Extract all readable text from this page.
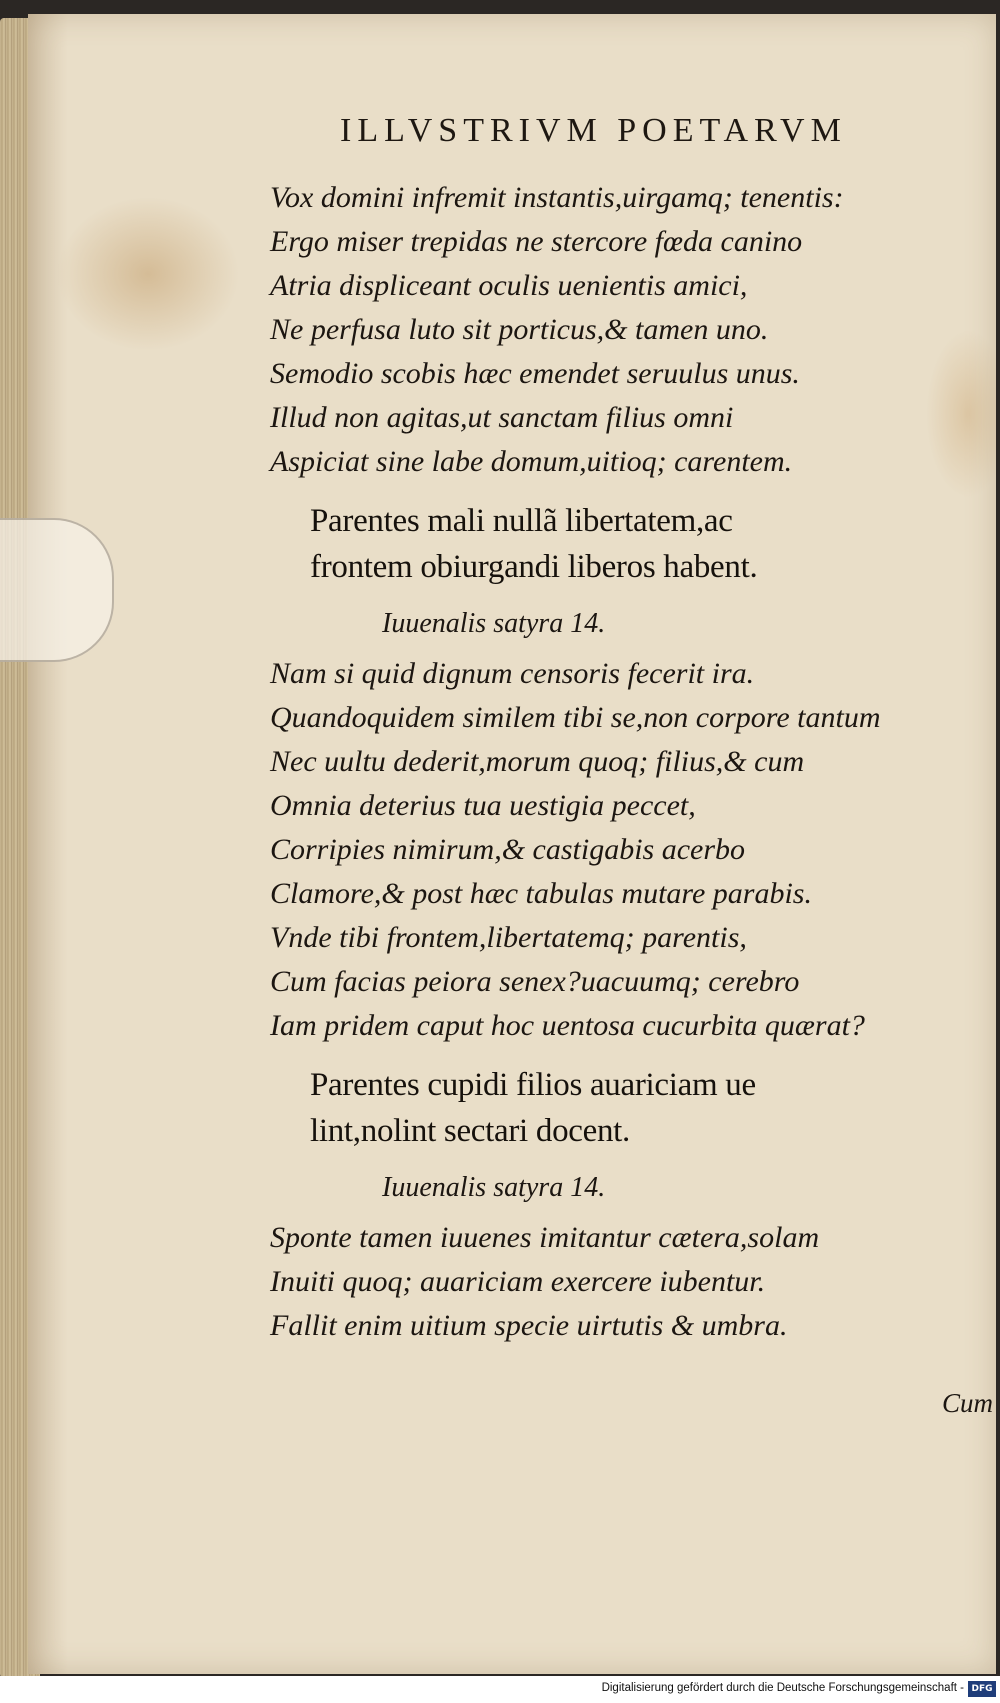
ILLVSTRIVM POETARVM
Vox domini infremit instantis,uirgamq; tenentis:
Ergo miser trepidas ne stercore fœda canino
Atria displiceant oculis uenientis amici,
Ne perfusa luto sit porticus,& tamen uno.
Semodio scobis hæc emendet seruulus unus.
Illud non agitas,ut sanctam filius omni
Aspiciat sine labe domum,uitioq; carentem.
Parentes mali nullã libertatem,ac
frontem obiurgandi liberos habent.
Iuuenalis satyra 14.
Nam si quid dignum censoris fecerit ira.
Quandoquidem similem tibi se,non corpore tantum
Nec uultu dederit,morum quoq; filius,& cum
Omnia deterius tua uestigia peccet,
Corripies nimirum,& castigabis acerbo
Clamore,& post hæc tabulas mutare parabis.
Vnde tibi frontem,libertatemq; parentis,
Cum facias peiora senex?uacuumq; cerebro
Iam pridem caput hoc uentosa cucurbita quærat?
Parentes cupidi filios auariciam ue
lint,nolint sectari docent.
Iuuenalis satyra 14.
Sponte tamen iuuenes imitantur cætera,solam
Inuiti quoq; auariciam exercere iubentur.
Fallit enim uitium specie uirtutis & umbra.
Cum
Digitalisierung gefördert durch die Deutsche Forschungsgemeinschaft - DFG
